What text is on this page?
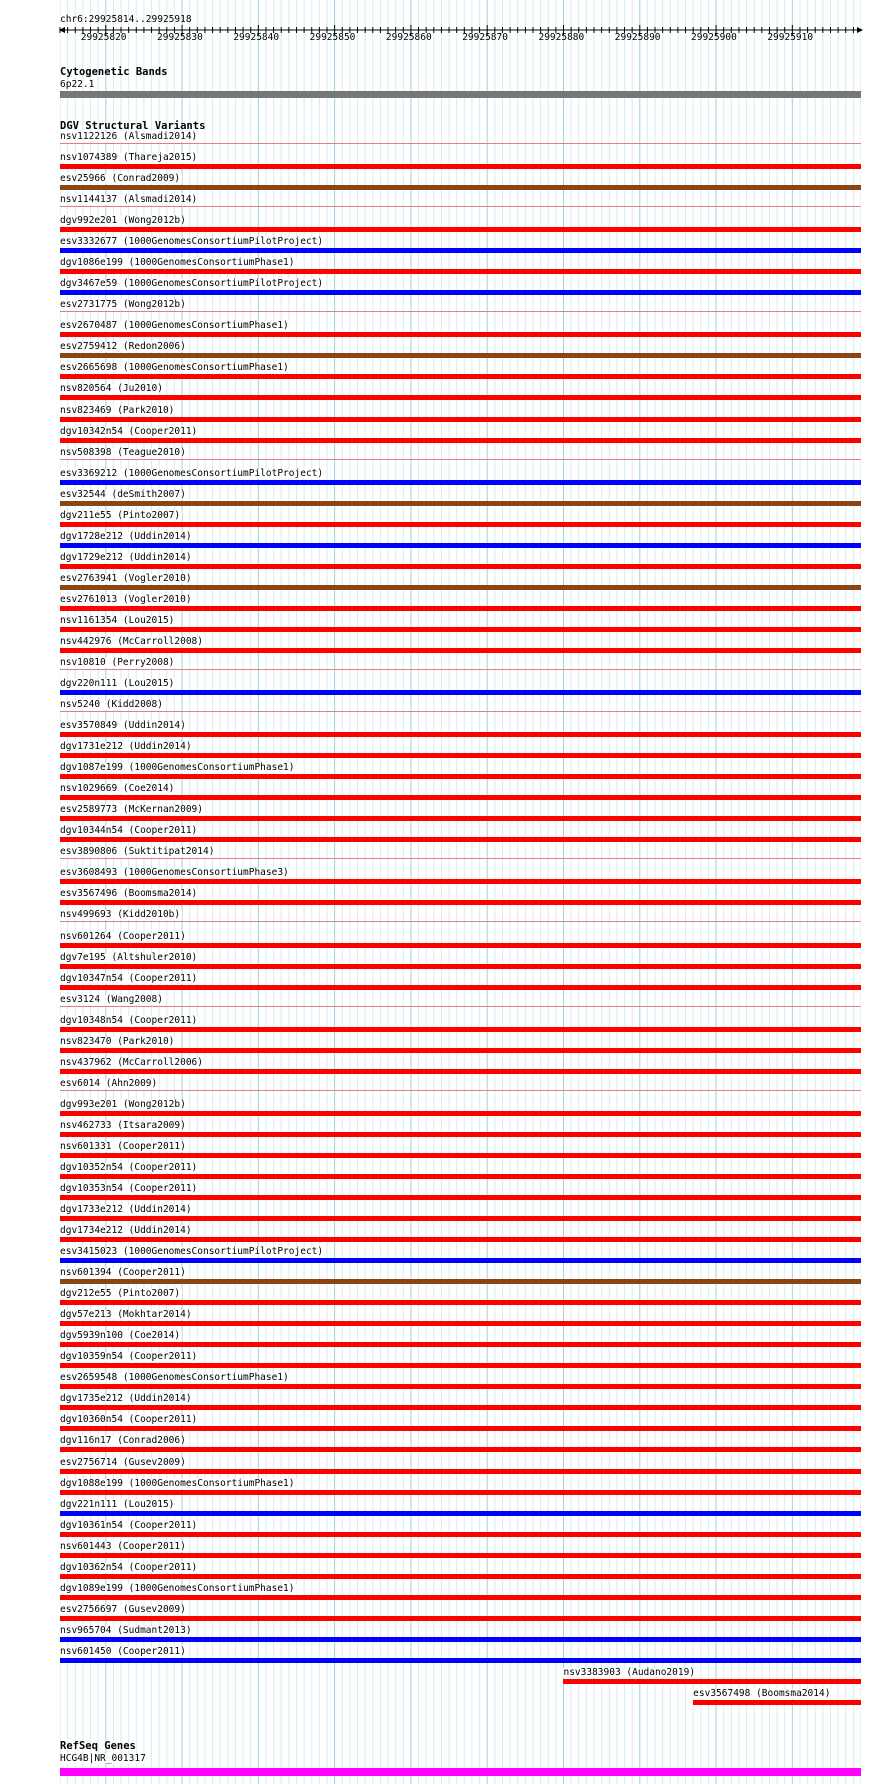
chr6:29925814..29925918
29925820	29925830	29925840	29925850	29925860	29925870	29925880	29925890	29925900	29925910
Cytogenetic Bands
6p22.1
DGV Structural Variants
nsv1122126 (Alsmadi2014)
nsv1074389 (Thareja2015)
esv25966 (Conrad2009)
nsv1144137 (Alsmadi2014)
dgv992e201 (Wong2012b)
esv3332677 (1000GenomesConsortiumPilotProject)
dgv1086e199 (1000GenomesConsortiumPhase1)
dgv3467e59 (1000GenomesConsortiumPilotProject)
esv2731775 (Wong2012b)
esv2670487 (1000GenomesConsortiumPhase1)
esv2759412 (Redon2006)
esv2665698 (1000GenomesConsortiumPhase1)
nsv820564 (Ju2010)
nsv823469 (Park2010)
dgv10342n54 (Cooper2011)
nsv508398 (Teague2010)
esv3369212 (1000GenomesConsortiumPilotProject)
esv32544 (deSmith2007)
dgv211e55 (Pinto2007)
dgv1728e212 (Uddin2014)
dgv1729e212 (Uddin2014)
esv2763941 (Vogler2010)
esv2761013 (Vogler2010)
nsv1161354 (Lou2015)
nsv442976 (McCarroll2008)
nsv10810 (Perry2008)
dgv220n111 (Lou2015)
nsv5240 (Kidd2008)
esv3570849 (Uddin2014)
dgv1731e212 (Uddin2014)
dgv1087e199 (1000GenomesConsortiumPhase1)
nsv1029669 (Coe2014)
esv2589773 (McKernan2009)
dgv10344n54 (Cooper2011)
esv3890806 (Suktitipat2014)
esv3608493 (1000GenomesConsortiumPhase3)
esv3567496 (Boomsma2014)
nsv499693 (Kidd2010b)
nsv601264 (Cooper2011)
dgv7e195 (Altshuler2010)
dgv10347n54 (Cooper2011)
esv3124 (Wang2008)
dgv10348n54 (Cooper2011)
nsv823470 (Park2010)
nsv437962 (McCarroll2006)
esv6014 (Ahn2009)
dgv993e201 (Wong2012b)
nsv462733 (Itsara2009)
nsv601331 (Cooper2011)
dgv10352n54 (Cooper2011)
dgv10353n54 (Cooper2011)
dgv1733e212 (Uddin2014)
dgv1734e212 (Uddin2014)
esv3415023 (1000GenomesConsortiumPilotProject)
nsv601394 (Cooper2011)
dgv212e55 (Pinto2007)
dgv57e213 (Mokhtar2014)
dgv5939n100 (Coe2014)
dgv10359n54 (Cooper2011)
esv2659548 (1000GenomesConsortiumPhase1)
dgv1735e212 (Uddin2014)
dgv10360n54 (Cooper2011)
dgv116n17 (Conrad2006)
esv2756714 (Gusev2009)
dgv1088e199 (1000GenomesConsortiumPhase1)
dgv221n111 (Lou2015)
dgv10361n54 (Cooper2011)
nsv601443 (Cooper2011)
dgv10362n54 (Cooper2011)
dgv1089e199 (1000GenomesConsortiumPhase1)
esv2756697 (Gusev2009)
nsv965704 (Sudmant2013)
nsv601450 (Cooper2011)
nsv3383903 (Audano2019)
esv3567498 (Boomsma2014)
RefSeq Genes
HCG4B|NR_001317
